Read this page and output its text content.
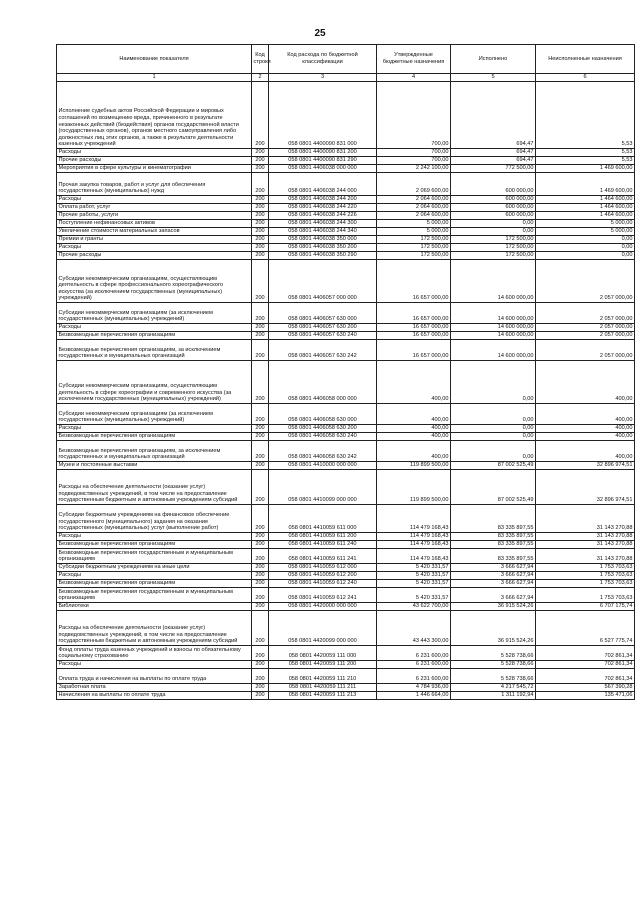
25
Наименование показателя	Код строки	Код расхода по бюджетной классификации	Утвержденные бюджетные назначения	Исполнено	Неисполненные назначения
1	2	3	4	5	6
Исполнение судебных актов Российской Федерации и мировых соглашений по возмещению вреда, причиненного в результате незаконных действий (бездействия) органов государственной власти (государственных органов), органов местного самоуправления либо должностных лиц этих органов, а также в результате деятельности казенных учреждений	200	058 0801 4400090 831 000	700,00	694,47	5,53
Расходы	200	058 0801 4400090 831 200	700,00	694,47	5,53
Прочие расходы	200	058 0801 4400090 831 290	700,00	694,47	5,53
Мероприятия в сфере культуры и кинематографии	200	058 0801 4406038 000 000	2 242 100,00	772 500,00	1 469 600,00
Прочая закупка товаров, работ и услуг для обеспечения государственных (муниципальных) нужд	200	058 0801 4406038 244 000	2 069 600,00	600 000,00	1 469 600,00
Расходы	200	058 0801 4406038 244 200	2 064 600,00	600 000,00	1 464 600,00
Оплата работ, услуг	200	058 0801 4406038 244 220	2 064 600,00	600 000,00	1 464 600,00
Прочие работы, услуги	200	058 0801 4406038 244 226	2 064 600,00	600 000,00	1 464 600,00
Поступление нефинансовых активов	200	058 0801 4406038 244 300	5 000,00	0,00	5 000,00
Увеличение стоимости материальных запасов	200	058 0801 4406038 244 340	5 000,00	0,00	5 000,00
Премии и гранты	200	058 0801 4406038 350 000	172 500,00	172 500,00	0,00
Расходы	200	058 0801 4406038 350 200	172 500,00	172 500,00	0,00
Прочие расходы	200	058 0801 4406038 350 290	172 500,00	172 500,00	0,00
Субсидии некоммерческим организациям, осуществляющим деятельность в сфере профессионального хореографического искусства (за исключением государственных (муниципальных) учреждений)	200	058 0801 4406057 000 000	16 657 000,00	14 600 000,00	2 057 000,00
Субсидии некоммерческим организациям (за исключением государственных (муниципальных) учреждений)	200	058 0801 4406057 630 000	16 657 000,00	14 600 000,00	2 057 000,00
Расходы	200	058 0801 4406057 630 200	16 657 000,00	14 600 000,00	2 057 000,00
Безвозмездные перечисления организациям	200	058 0801 4406057 630 240	16 657 000,00	14 600 000,00	2 057 000,00
Безвозмездные перечисления организациям, за исключением государственных и муниципальных организаций	200	058 0801 4406057 630 242	16 657 000,00	14 600 000,00	2 057 000,00
Субсидии некоммерческим организациям, осуществляющим деятельность в сфере хореографии и современного искусства (за исключением государственных (муниципальных) учреждений)	200	058 0801 4406058 000 000	400,00	0,00	400,00
Субсидии некоммерческим организациям (за исключением государственных (муниципальных) учреждений)	200	058 0801 4406058 630 000	400,00	0,00	400,00
Расходы	200	058 0801 4406058 630 200	400,00	0,00	400,00
Безвозмездные перечисления организациям	200	058 0801 4406058 630 240	400,00	0,00	400,00
Безвозмездные перечисления организациям, за исключением государственных и муниципальных организаций	200	058 0801 4406058 630 242	400,00	0,00	400,00
Музеи и постоянные выставки	200	058 0801 4410000 000 000	119 899 500,00	87 002 525,49	32 896 974,51
Расходы на обеспечение деятельности (оказание услуг) подведомственных учреждений, в том числе на предоставление государственным бюджетным и автономным учреждениям субсидий	200	058 0801 4410099 000 000	119 899 500,00	87 002 525,49	32 896 974,51
Субсидии бюджетным учреждениям на финансовое обеспечение государственного (муниципального) задания на оказание государственных (муниципальных) услуг (выполнение работ)	200	058 0801 4410059 611 000	114 479 168,43	83 335 897,55	31 143 270,88
Расходы	200	058 0801 4410059 611 200	114 479 168,43	83 335 897,55	31 143 270,88
Безвозмездные перечисления организациям	200	058 0801 4410059 611 240	114 479 168,43	83 335 897,55	31 143 270,88
Безвозмездные перечисления государственным и муниципальным организациям	200	058 0801 4410059 611 241	114 479 168,43	83 335 897,55	31 143 270,88
Субсидии бюджетным учреждениям на иные цели	200	058 0801 4410059 612 000	5 420 331,57	3 666 627,94	1 753 703,63
Расходы	200	058 0801 4410059 612 200	5 420 331,57	3 666 627,94	1 753 703,63
Безвозмездные перечисления организациям	200	058 0801 4410059 612 240	5 420 331,57	3 666 627,94	1 753 703,63
Безвозмездные перечисления государственным и муниципальным организациям	200	058 0801 4410059 612 241	5 420 331,57	3 666 627,94	1 753 703,63
Библиотеки	200	058 0801 4420000 000 000	43 622 700,00	36 915 524,26	6 707 175,74
Расходы на обеспечение деятельности (оказание услуг) подведомственных учреждений, в том числе на предоставление государственным бюджетным и автономным учреждениям субсидий	200	058 0801 4420099 000 000	43 443 300,00	36 915 524,26	6 527 775,74
Фонд оплаты труда казенных учреждений и взносы по обязательному социальному страхованию	200	058 0801 4420059 111 000	6 231 600,00	5 528 738,66	702 861,34
Расходы	200	058 0801 4420059 111 200	6 231 600,00	5 528 738,66	702 861,34
Оплата труда и начисления на выплаты по оплате труда	200	058 0801 4420059 111 210	6 231 600,00	5 528 738,66	702 861,34
Заработная плата	200	058 0801 4420059 111 211	4 784 936,00	4 217 545,72	567 390,28
Начисления на выплаты по оплате труда	200	058 0801 4420059 111 213	1 446 664,00	1 311 192,94	135 471,06
